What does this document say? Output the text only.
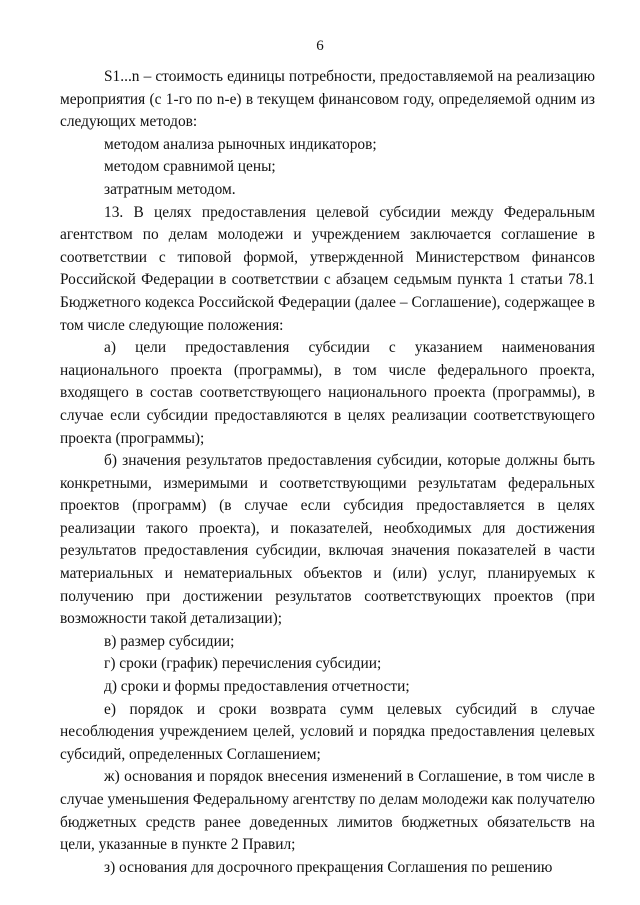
6

S1...n – стоимость единицы потребности, предоставляемой на реализацию мероприятия (с 1-го по n-е) в текущем финансовом году, определяемой одним из следующих методов:

методом анализа рыночных индикаторов;

методом сравнимой цены;

затратным методом.

13. В целях предоставления целевой субсидии между Федеральным агентством по делам молодежи и учреждением заключается соглашение в соответствии с типовой формой, утвержденной Министерством финансов Российской Федерации в соответствии с абзацем седьмым пункта 1 статьи 78.1 Бюджетного кодекса Российской Федерации (далее – Соглашение), содержащее в том числе следующие положения:

а) цели предоставления субсидии с указанием наименования национального проекта (программы), в том числе федерального проекта, входящего в состав соответствующего национального проекта (программы), в случае если субсидии предоставляются в целях реализации соответствующего проекта (программы);

б) значения результатов предоставления субсидии, которые должны быть конкретными, измеримыми и соответствующими результатам федеральных проектов (программ) (в случае если субсидия предоставляется в целях реализации такого проекта), и показателей, необходимых для достижения результатов предоставления субсидии, включая значения показателей в части материальных и нематериальных объектов и (или) услуг, планируемых к получению при достижении результатов соответствующих проектов (при возможности такой детализации);

в) размер субсидии;

г) сроки (график) перечисления субсидии;

д) сроки и формы предоставления отчетности;

е) порядок и сроки возврата сумм целевых субсидий в случае несоблюдения учреждением целей, условий и порядка предоставления целевых субсидий, определенных Соглашением;

ж) основания и порядок внесения изменений в Соглашение, в том числе в случае уменьшения Федеральному агентству по делам молодежи как получателю бюджетных средств ранее доведенных лимитов бюджетных обязательств на цели, указанные в пункте 2 Правил;

з) основания для досрочного прекращения Соглашения по решению
